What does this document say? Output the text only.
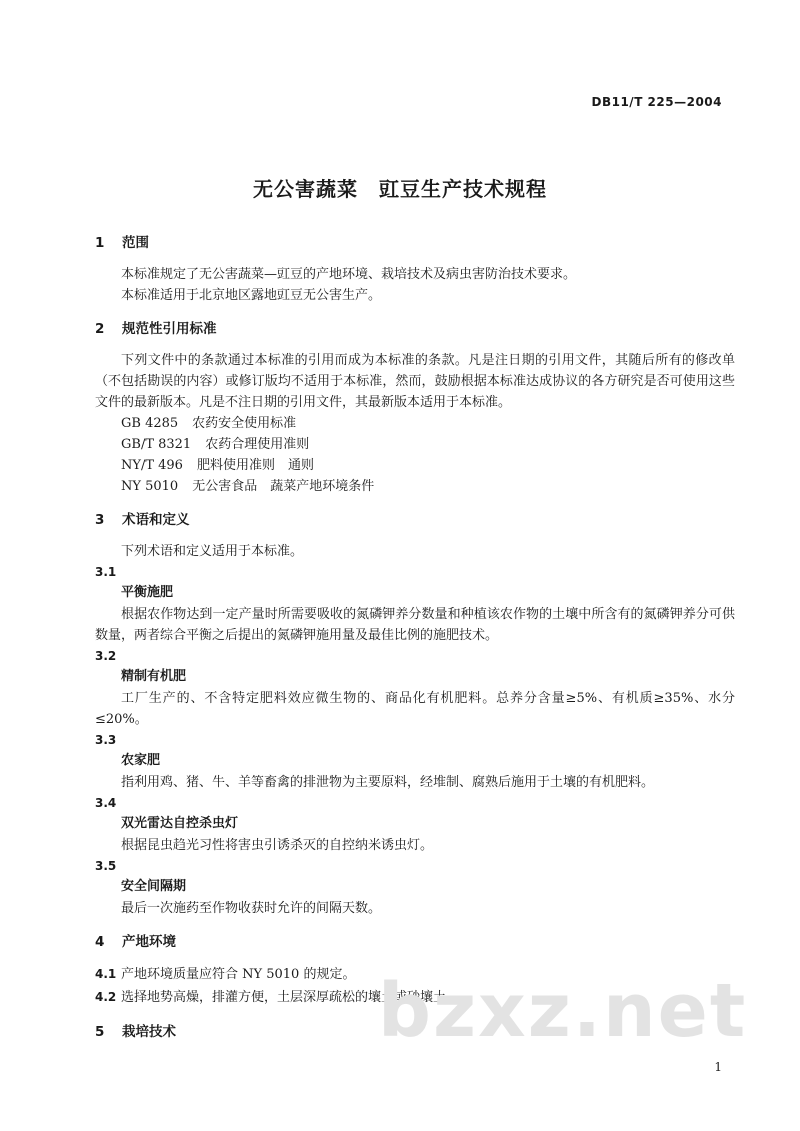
DB11/T 225—2004
无公害蔬菜　豇豆生产技术规程
1 范围
本标准规定了无公害蔬菜—豇豆的产地环境、栽培技术及病虫害防治技术要求。
本标准适用于北京地区露地豇豆无公害生产。
2 规范性引用标准
下列文件中的条款通过本标准的引用而成为本标准的条款。凡是注日期的引用文件，其随后所有的修改单（不包括勘误的内容）或修订版均不适用于本标准，然而，鼓励根据本标准达成协议的各方研究是否可使用这些文件的最新版本。凡是不注日期的引用文件，其最新版本适用于本标准。
GB 4285 农药安全使用标准
GB/T 8321 农药合理使用准则
NY/T 496 肥料使用准则　通则
NY 5010 无公害食品　蔬菜产地环境条件
3 术语和定义
下列术语和定义适用于本标准。
3.1
平衡施肥
根据农作物达到一定产量时所需要吸收的氮磷钾养分数量和种植该农作物的土壤中所含有的氮磷钾养分可供数量，两者综合平衡之后提出的氮磷钾施用量及最佳比例的施肥技术。
3.2
精制有机肥
工厂生产的、不含特定肥料效应微生物的、商品化有机肥料。总养分含量≥5%、有机质≥35%、水分≤20%。
3.3
农家肥
指利用鸡、猪、牛、羊等畜禽的排泄物为主要原料，经堆制、腐熟后施用于土壤的有机肥料。
3.4
双光雷达自控杀虫灯
根据昆虫趋光习性将害虫引诱杀灭的自控纳米诱虫灯。
3.5
安全间隔期
最后一次施药至作物收获时允许的间隔天数。
4 产地环境
4.1 产地环境质量应符合 NY 5010 的规定。
4.2 选择地势高燥，排灌方便，土层深厚疏松的壤土或砂壤土。
5 栽培技术	bzxz.net
1
